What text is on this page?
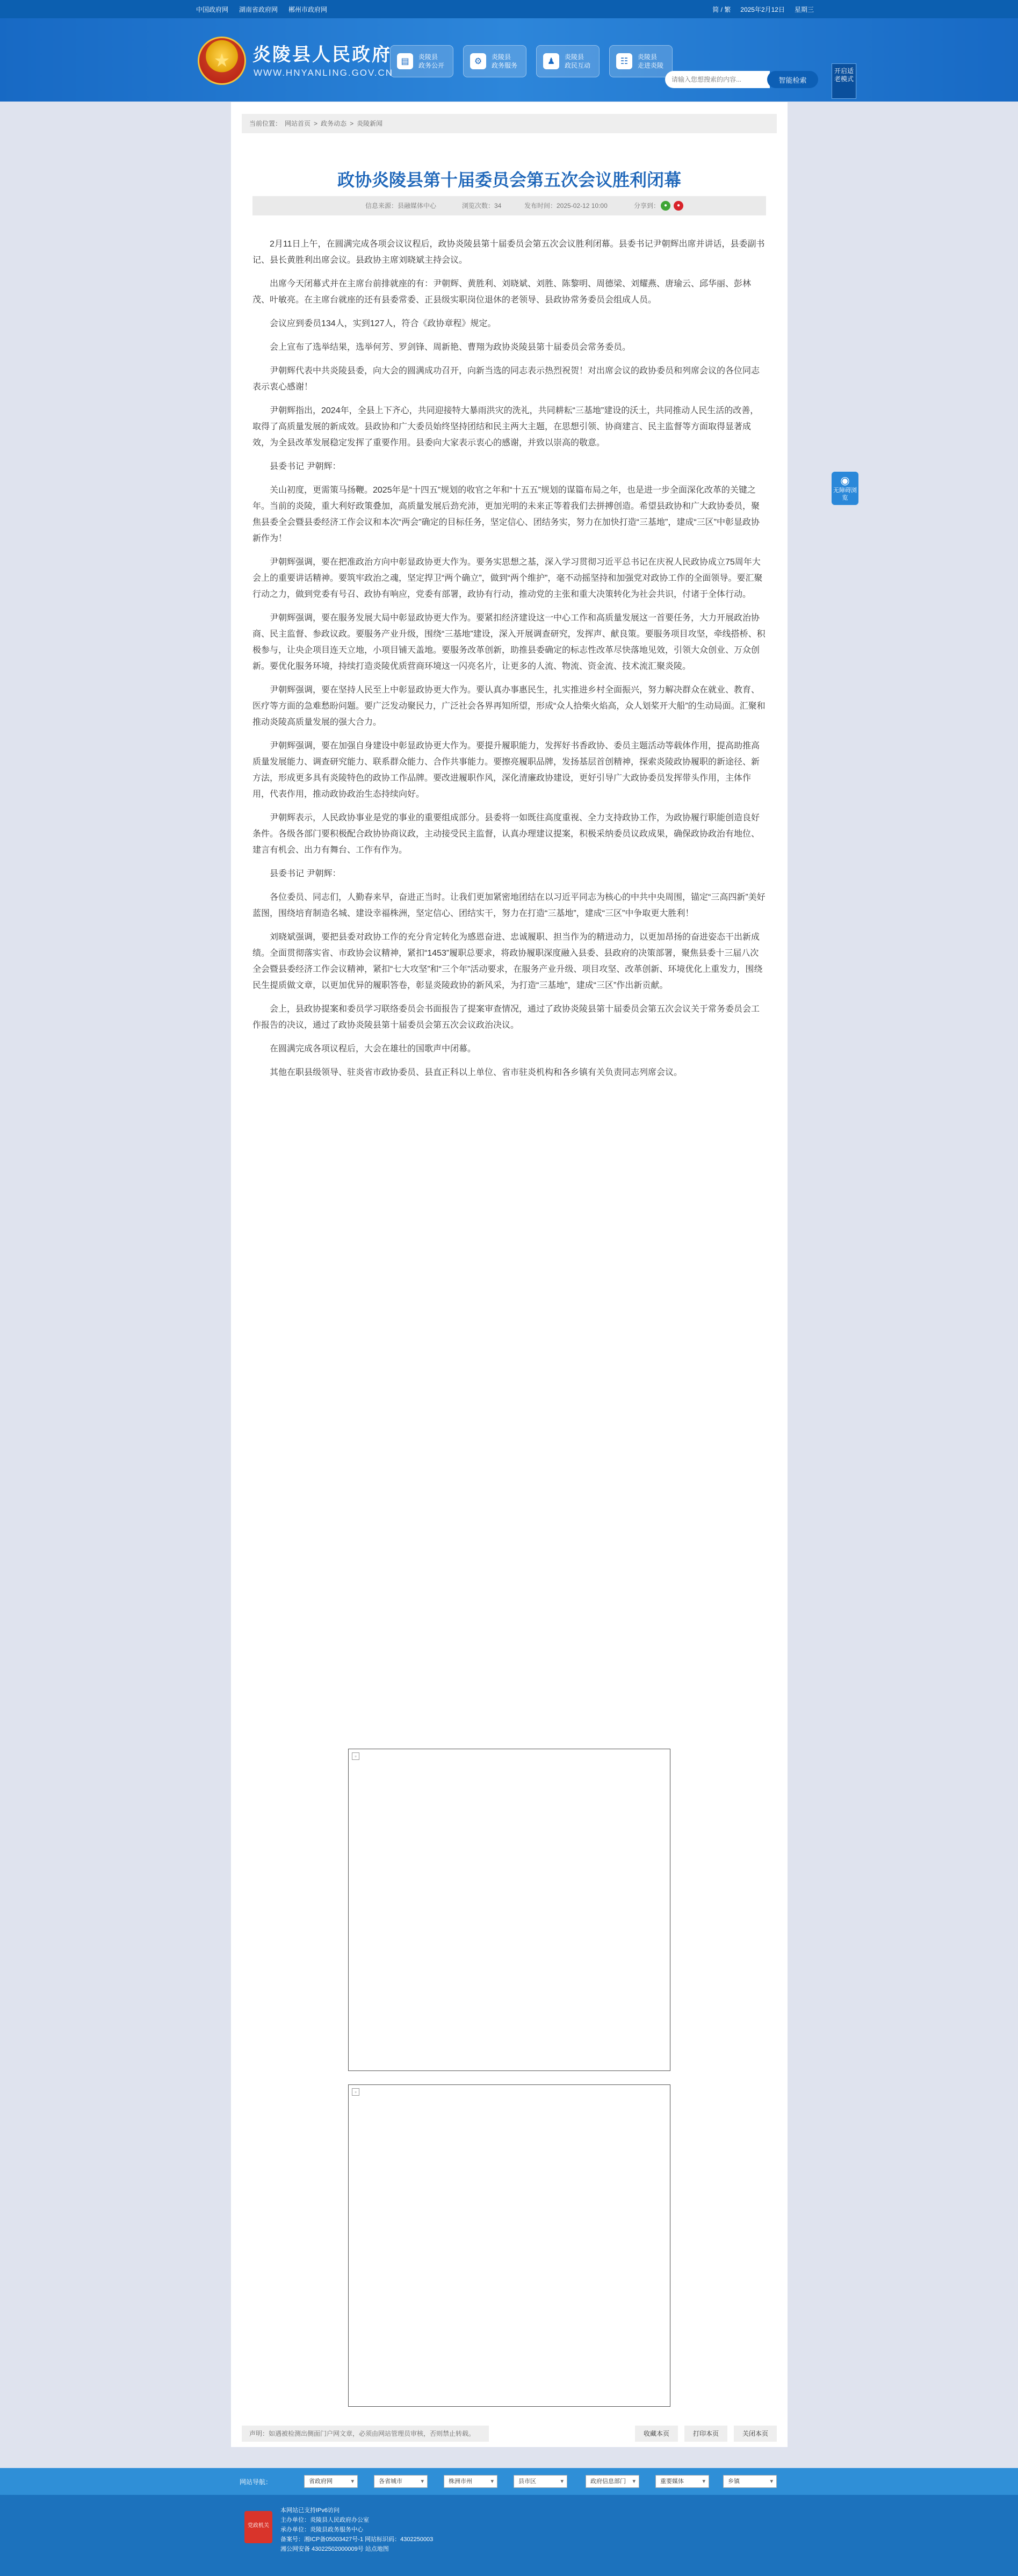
中国政府网 湖南省政府网 郴州市政府网	简 / 繁 2025年2月12日 星期三
★	炎陵县人民政府
WWW.HNYANLING.GOV.CN
▤	炎陵县
政务公开	⚙	炎陵县
政务服务	♟	炎陵县
政民互动	☷	炎陵县
走进炎陵
请输入您想搜索的内容...
智能检索
开启适老模式
◉
无障碍浏览
当前位置： 网站首页 > 政务动态 > 炎陵新闻
政协炎陵县第十届委员会第五次会议胜利闭幕
信息来源：县融媒体中心	浏览次数：34	发布时间：2025-02-12 10:00	分享到： ●	●

2月11日上午，在圆满完成各项会议议程后，政协炎陵县第十届委员会第五次会议胜利闭幕。县委书记尹朝辉出席并讲话，县委副书记、县长黄胜利出席会议。县政协主席刘晓斌主持会议。

出席今天闭幕式并在主席台前排就座的有：尹朝辉、黄胜利、刘晓斌、刘胜、陈黎明、周德梁、刘耀燕、唐瑜云、邱华丽、彭林茂、叶敏亮。在主席台就座的还有县委常委、正县级实职岗位退休的老领导、县政协常务委员会组成人员。

会议应到委员134人，实到127人，符合《政协章程》规定。

会上宣布了选举结果，选举何芳、罗剑锋、周新艳、曹翔为政协炎陵县第十届委员会常务委员。

尹朝辉代表中共炎陵县委，向大会的圆满成功召开，向新当选的同志表示热烈祝贺！对出席会议的政协委员和列席会议的各位同志表示衷心感谢！

尹朝辉指出，2024年，全县上下齐心，共同迎接特大暴雨洪灾的洗礼，共同耕耘“三基地”建设的沃土，共同推动人民生活的改善，取得了高质量发展的新成效。县政协和广大委员始终坚持团结和民主两大主题，在思想引领、协商建言、民主监督等方面取得显著成效，为全县改革发展稳定发挥了重要作用。县委向大家表示衷心的感谢，并致以崇高的敬意。

县委书记 尹朝辉：

关山初度，更需策马扬鞭。2025年是“十四五”规划的收官之年和“十五五”规划的谋篇布局之年，也是进一步全面深化改革的关键之年。当前的炎陵，重大利好政策叠加，高质量发展后劲充沛，更加光明的未来正等着我们去拼搏创造。希望县政协和广大政协委员，聚焦县委全会暨县委经济工作会议和本次“两会”确定的目标任务，坚定信心、团结务实，努力在加快打造“三基地”，建成“三区”中彰显政协新作为！

尹朝辉强调，要在把准政治方向中彰显政协更大作为。要务实思想之基，深入学习贯彻习近平总书记在庆祝人民政协成立75周年大会上的重要讲话精神。要筑牢政治之魂，坚定捍卫“两个确立”，做到“两个维护”，毫不动摇坚持和加强党对政协工作的全面领导。要汇聚行动之力，做到党委有号召、政协有响应，党委有部署，政协有行动，推动党的主张和重大决策转化为社会共识，付诸于全体行动。

尹朝辉强调，要在服务发展大局中彰显政协更大作为。要紧扣经济建设这一中心工作和高质量发展这一首要任务，大力开展政治协商、民主监督、参政议政。要服务产业升级，围绕“三基地”建设，深入开展调查研究，发挥声、献良策。要服务项目攻坚，牵线搭桥、积极参与，让央企项目连天立地，小项目铺天盖地。要服务改革创新，助推县委确定的标志性改革尽快落地见效，引领大众创业、万众创新。要优化服务环境，持续打造炎陵优质营商环境这一闪亮名片，让更多的人流、物流、资金流、技术流汇聚炎陵。

尹朝辉强调，要在坚持人民至上中彰显政协更大作为。要认真办事惠民生，扎实推进乡村全面振兴，努力解决群众在就业、教育、医疗等方面的急难愁盼问题。要广泛发动聚民力，广泛社会各界再知所望，形成“众人拾柴火焰高，众人划桨开大船”的生动局面。汇聚和推动炎陵高质量发展的强大合力。

尹朝辉强调，要在加强自身建设中彰显政协更大作为。要提升履职能力，发挥好书香政协、委员主题活动等载体作用，提高助推高质量发展能力、调查研究能力、联系群众能力、合作共事能力。要擦亮履职品牌，发扬基层首创精神，探索炎陵政协履职的新途径、新方法，形成更多具有炎陵特色的政协工作品牌。要改进履职作风，深化清廉政协建设，更好引导广大政协委员发挥带头作用，主体作用，代表作用，推动政协政治生态持续向好。

尹朝辉表示，人民政协事业是党的事业的重要组成部分。县委将一如既往高度重视、全力支持政协工作，为政协履行职能创造良好条件。各级各部门要积极配合政协协商议政，主动接受民主监督，认真办理建议提案，积极采纳委员议政成果，确保政协政治有地位、建言有机会、出力有舞台、工作有作为。

县委书记 尹朝辉：

各位委员、同志们，人勤春来早，奋进正当时。让我们更加紧密地团结在以习近平同志为核心的中共中央周围，锚定“三高四新”美好蓝图，围绕培育制造名城、建设幸福株洲，坚定信心、团结实干，努力在打造“三基地”，建成“三区”中争取更大胜利！

刘晓斌强调，要把县委对政协工作的充分肯定转化为感恩奋进、忠诚履职、担当作为的精进动力，以更加昂扬的奋进姿态干出新成绩。全面贯彻落实省、市政协会议精神，紧扣“1453”履职总要求，将政协履职深度融入县委、县政府的决策部署，聚焦县委十三届八次全会暨县委经济工作会议精神，紧扣“七大攻坚”和“三个年”活动要求，在服务产业升级、项目攻坚、改革创新、环境优化上重发力，围绕民生提质做文章，以更加优异的履职答卷，彰显炎陵政协的新风采，为打造“三基地”，建成“三区”作出新贡献。

会上，县政协提案和委员学习联络委员会书面报告了提案审查情况，通过了政协炎陵县第十届委员会第五次会议关于常务委员会工作报告的决议，通过了政协炎陵县第十届委员会第五次会议政治决议。

在圆满完成各项议程后，大会在雄壮的国歌声中闭幕。

其他在职县级领导、驻炎省市政协委员、县直正科以上单位、省市驻炎机构和各乡镇有关负责同志列席会议。

▫
▫
声明：如遇被检测出侧面门户网文章，必须由网站管理员审核，否则禁止转载。	收藏本页	打印本页	关闭本页
网站导航：	省政府网 ▾	各省城市 ▾	株洲市州 ▾	县市区 ▾	政府信息部门 ▾	重要媒体 ▾	乡镇 ▾
党政机关
本网站已支持IPv6访问
主办单位：炎陵县人民政府办公室
承办单位：炎陵县政务服务中心
备案号：湘ICP备05003427号-1 网站标识码：4302250003
湘公网安备 43022502000009号 站点地图
